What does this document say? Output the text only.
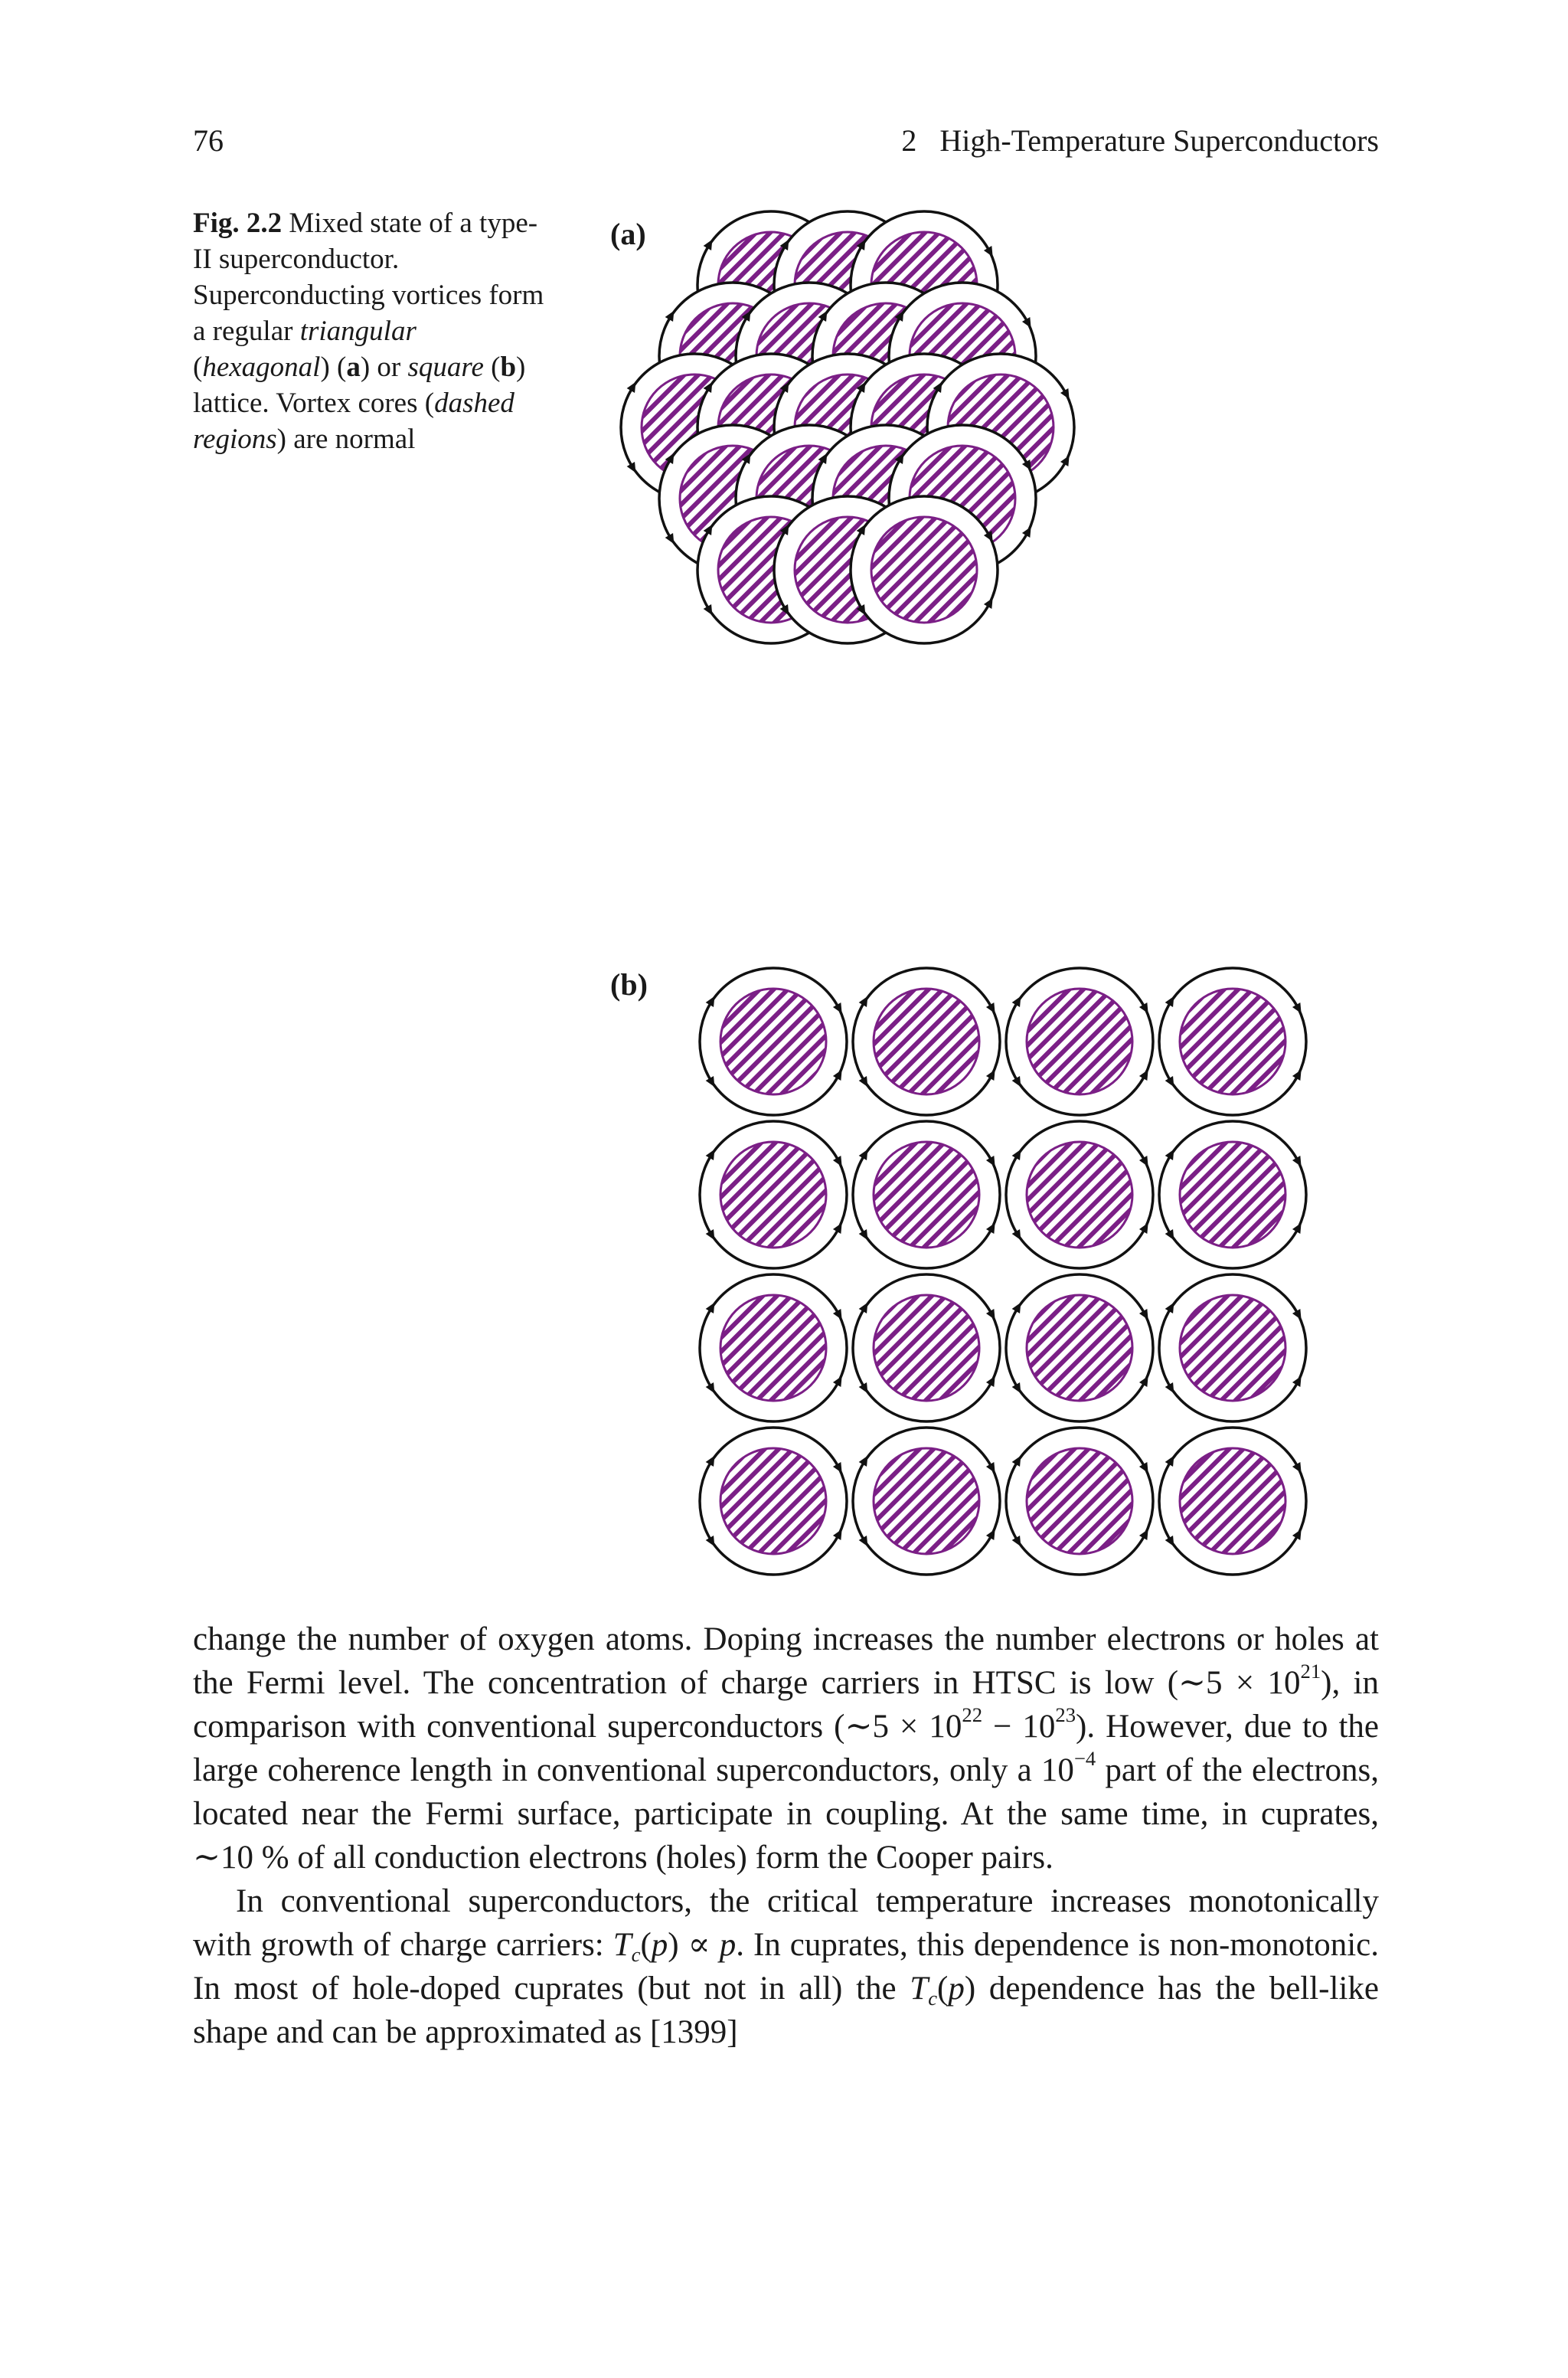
76	2   High-Temperature Superconductors
Fig. 2.2 Mixed state of a type-II superconductor. Superconducting vortices form a regular triangular (hexagonal) (a) or square (b) lattice. Vortex cores (dashed regions) are normal
(a)
(b)

change the number of oxygen atoms. Doping increases the number electrons or holes at the Fermi level. The concentration of charge carriers in HTSC is low (∼5 × $10^{21}$), in comparison with conventional superconductors (∼5 × $10^{22} - 10^{23}$). However, due to the large coherence length in conventional superconductors, only a $10^{-4}$ part of the electrons, located near the Fermi surface, participate in coupling. At the same time, in cuprates, ∼10 % of all conduction electrons (holes) form the Cooper pairs.

In conventional superconductors, the critical temperature increases monotonically with growth of charge carriers: $T_c(p) \propto p$. In cuprates, this dependence is non-monotonic. In most of hole-doped cuprates (but not in all) the $T_c(p)$ dependence has the bell-like shape and can be approximated as [1399]
